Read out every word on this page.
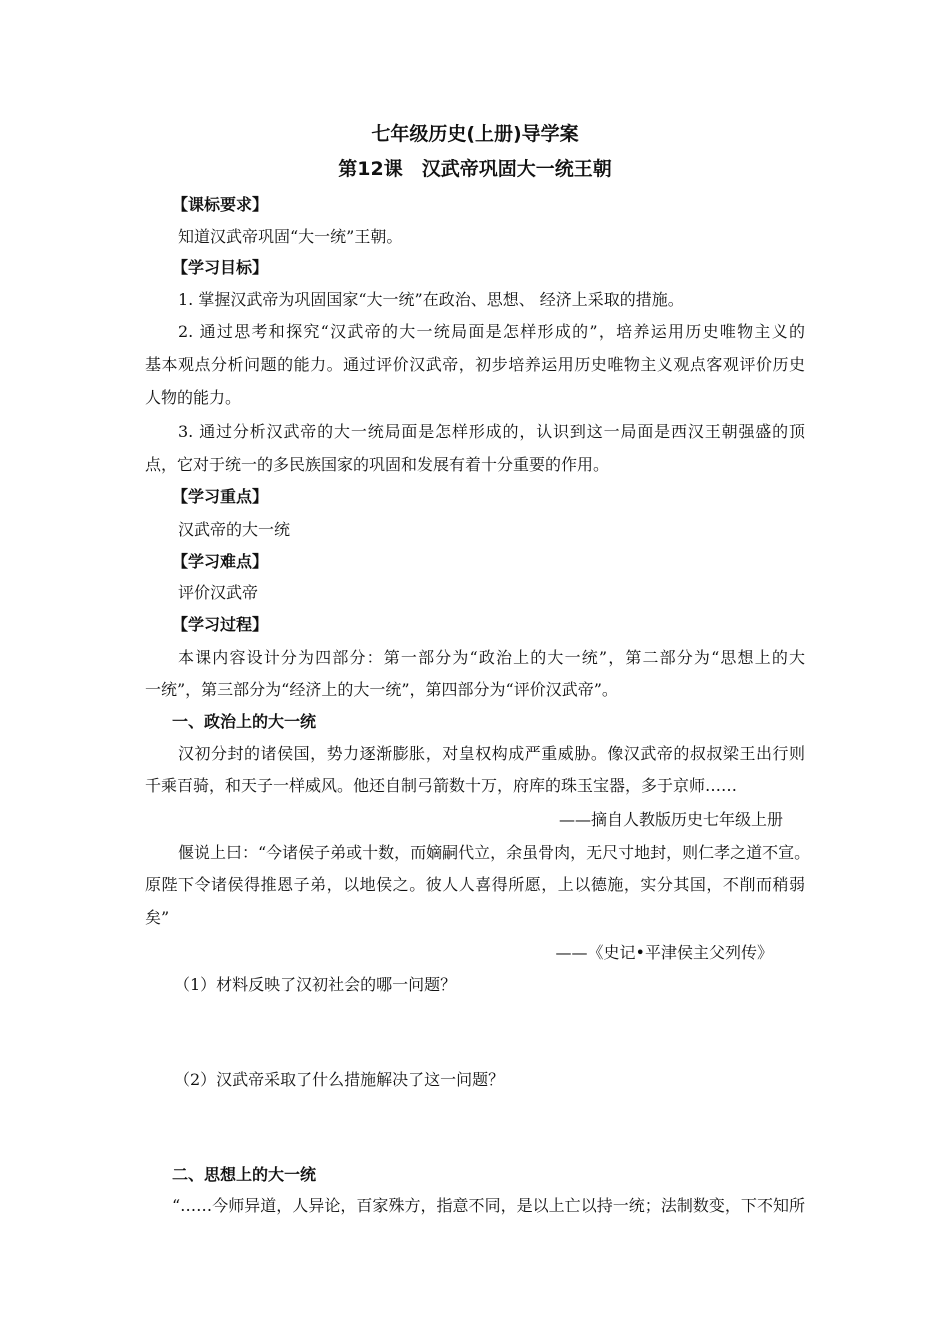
七年级历史(上册)导学案
第12课　汉武帝巩固大一统王朝
【课标要求】
知道汉武帝巩固“大一统”王朝。
【学习目标】
1. 掌握汉武帝为巩固国家“大一统”在政治、思想、 经济上采取的措施。
2. 通过思考和探究“汉武帝的大一统局面是怎样形成的”，培养运用历史唯物主义的
基本观点分析问题的能力。通过评价汉武帝，初步培养运用历史唯物主义观点客观评价历史
人物的能力。
3. 通过分析汉武帝的大一统局面是怎样形成的，认识到这一局面是西汉王朝强盛的顶
点，它对于统一的多民族国家的巩固和发展有着十分重要的作用。
【学习重点】
汉武帝的大一统
【学习难点】
评价汉武帝
【学习过程】
本课内容设计分为四部分：第一部分为“政治上的大一统”，第二部分为“思想上的大
一统”，第三部分为“经济上的大一统”，第四部分为“评价汉武帝”。
一、政治上的大一统
汉初分封的诸侯国，势力逐渐膨胀，对皇权构成严重威胁。像汉武帝的叔叔梁王出行则
千乘百骑，和天子一样威风。他还自制弓箭数十万，府库的珠玉宝器，多于京师……
——摘自人教版历史七年级上册
偃说上曰：“今诸侯子弟或十数，而嫡嗣代立，余虽骨肉，无尺寸地封，则仁孝之道不宣。
原陛下令诸侯得推恩子弟，以地侯之。彼人人喜得所愿，上以德施，实分其国，不削而稍弱
矣”
——《史记•平津侯主父列传》
（1）材料反映了汉初社会的哪一问题？
（2）汉武帝采取了什么措施解决了这一问题？
二、思想上的大一统
“……今师异道，人异论，百家殊方，指意不同，是以上亡以持一统；法制数变，下不知所
